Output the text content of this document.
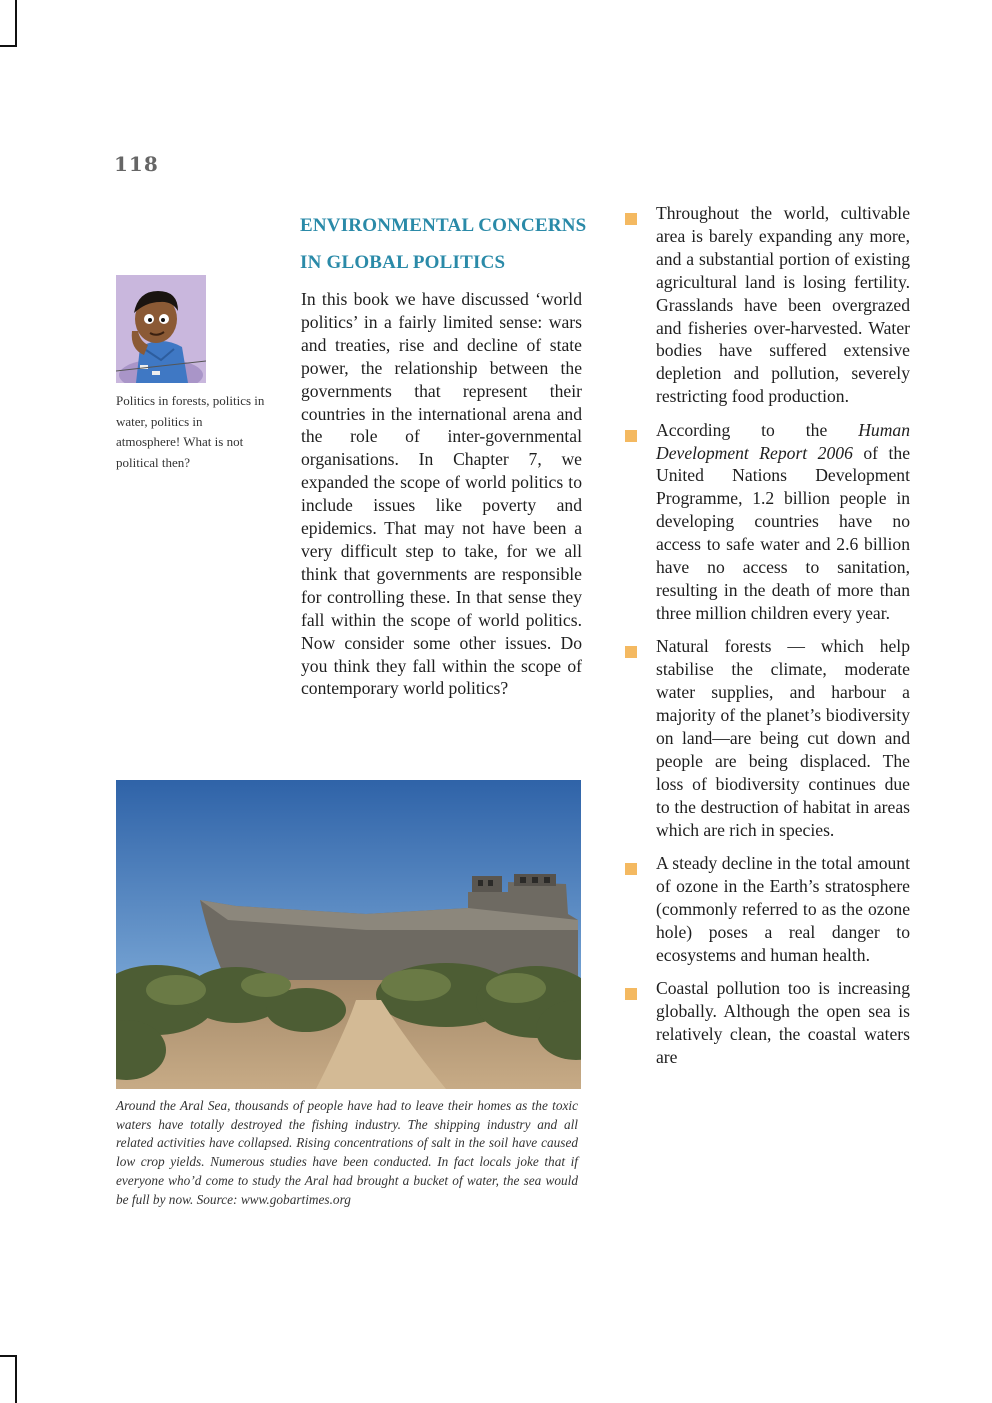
118
ENVIRONMENTAL CONCERNS
IN GLOBAL POLITICS
Politics in forests, politics in water, politics in atmosphere! What is not political then?
In this book we have discussed ‘world politics’ in a fairly limited sense: wars and treaties, rise and decline of state power, the relationship between the governments that represent their countries in the international arena and the role of inter-governmental organisations. In Chapter 7, we expanded the scope of world politics to include issues like poverty and epidemics. That may not have been a very difficult step to take, for we all think that governments are responsible for controlling these. In that sense they fall within the scope of world politics. Now consider some other issues. Do you think they fall within the scope of contemporary world politics?
Around the Aral Sea, thousands of people have had to leave their homes as the toxic waters have totally destroyed the fishing industry. The shipping industry and all related activities have collapsed. Rising concentrations of salt in the soil have caused low crop yields. Numerous studies have been conducted. In fact locals joke that if everyone who’d come to study the Aral had brought a bucket of water, the sea would be full by now. Source: www.gobartimes.org
Throughout the world, cultivable area is barely expanding any more, and a substantial portion of existing agricultural land is losing fertility. Grasslands have been overgrazed and fisheries over-harvested. Water bodies have suffered extensive depletion and pollution, severely restricting food production.
According to the Human Development Report 2006 of the United Nations Development Programme, 1.2 billion people in developing countries have no access to safe water and 2.6 billion have no access to sanitation, resulting in the death of more than three million children every year.
Natural forests — which help stabilise the climate, moderate water supplies, and harbour a majority of the planet’s biodiversity on land—are being cut down and people are being displaced. The loss of biodiversity continues due to the destruction of habitat in areas which are rich in species.
A steady decline in the total amount of ozone in the Earth’s stratosphere (commonly referred to as the ozone hole) poses a real danger to ecosystems and human health.
Coastal pollution too is increasing globally. Although the open sea is relatively clean, the coastal waters are
